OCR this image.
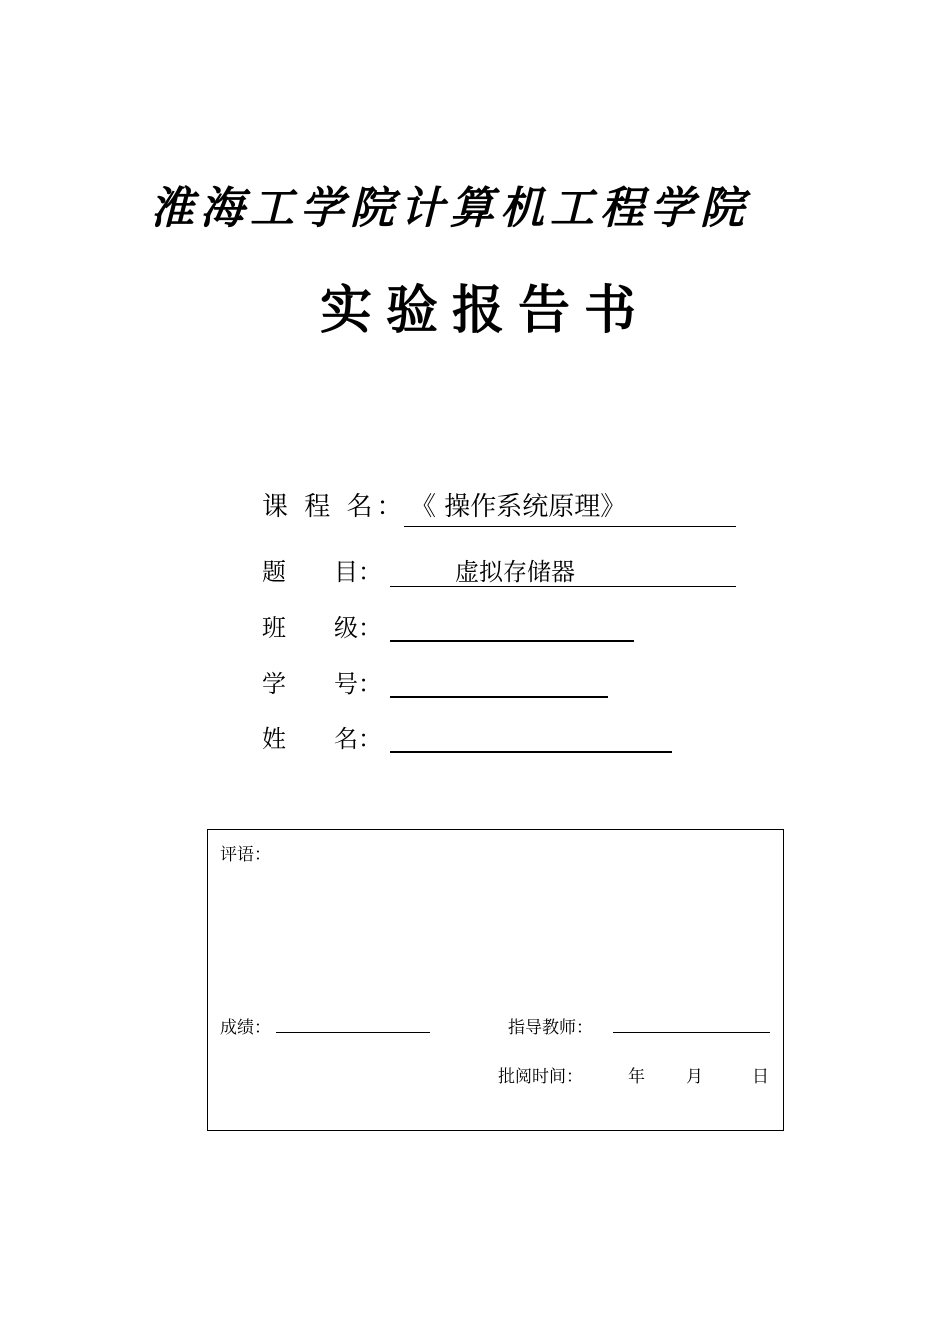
淮海工学院计算机工程学院
实验报告书
课 程 名： 《 操作系统原理》
题　　目：	虚拟存储器
班　　级：
学　　号：
姓　　名：
评语：
成绩：	指导教师：
批阅时间：	年 月	日
